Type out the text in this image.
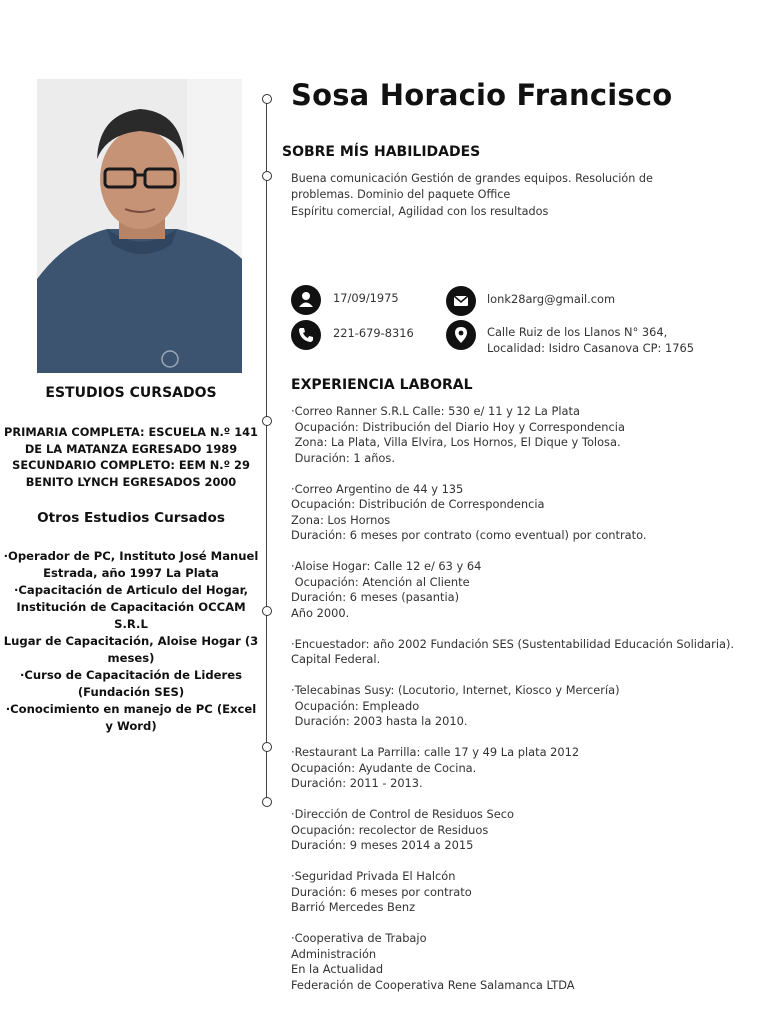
Sosa Horacio Francisco
SOBRE MÍS HABILIDADES
Buena comunicación Gestión de grandes equipos. Resolución de
problemas. Dominio del paquete Office
Espíritu comercial, Agilidad con los resultados
17/09/1975	lonk28arg@gmail.com
221-679-8316	Calle Ruiz de los Llanos N° 364,
Localidad: Isidro Casanova CP: 1765
EXPERIENCIA LABORAL
·Correo Ranner S.R.L Calle: 530 e/ 11 y 12 La Plata
Ocupación: Distribución del Diario Hoy y Correspondencia
Zona: La Plata, Villa Elvira, Los Hornos, El Dique y Tolosa.
Duración: 1 años.
·Correo Argentino de 44 y 135
Ocupación: Distribución de Correspondencia
Zona: Los Hornos
Duración: 6 meses por contrato (como eventual) por contrato.
·Aloise Hogar: Calle 12 e/ 63 y 64
Ocupación: Atención al Cliente
Duración: 6 meses (pasantia)
Año 2000.
·Encuestador: año 2002 Fundación SES (Sustentabilidad Educación Solidaria).
Capital Federal.
·Telecabinas Susy: (Locutorio, Internet, Kiosco y Mercería)
Ocupación: Empleado
Duración: 2003 hasta la 2010.
·Restaurant La Parrilla: calle 17 y 49 La plata 2012
Ocupación: Ayudante de Cocina.
Duración: 2011 - 2013.
·Dirección de Control de Residuos Seco
Ocupación: recolector de Residuos
Duración: 9 meses 2014 a 2015
·Seguridad Privada El Halcón
Duración: 6 meses por contrato
Barrió Mercedes Benz
·Cooperativa de Trabajo
Administración
En la Actualidad
Federación de Cooperativa Rene Salamanca LTDA
ESTUDIOS CURSADOS
PRIMARIA COMPLETA: ESCUELA N.º 141
DE LA MATANZA EGRESADO 1989
SECUNDARIO COMPLETO: EEM N.º 29
BENITO LYNCH EGRESADOS 2000
Otros Estudios Cursados
·Operador de PC, Instituto José Manuel
Estrada, año 1997 La Plata
·Capacitación de Articulo del Hogar,
Institución de Capacitación OCCAM
S.R.L
Lugar de Capacitación, Aloise Hogar (3
meses)
·Curso de Capacitación de Lideres
(Fundación SES)
·Conocimiento en manejo de PC (Excel
y Word)
